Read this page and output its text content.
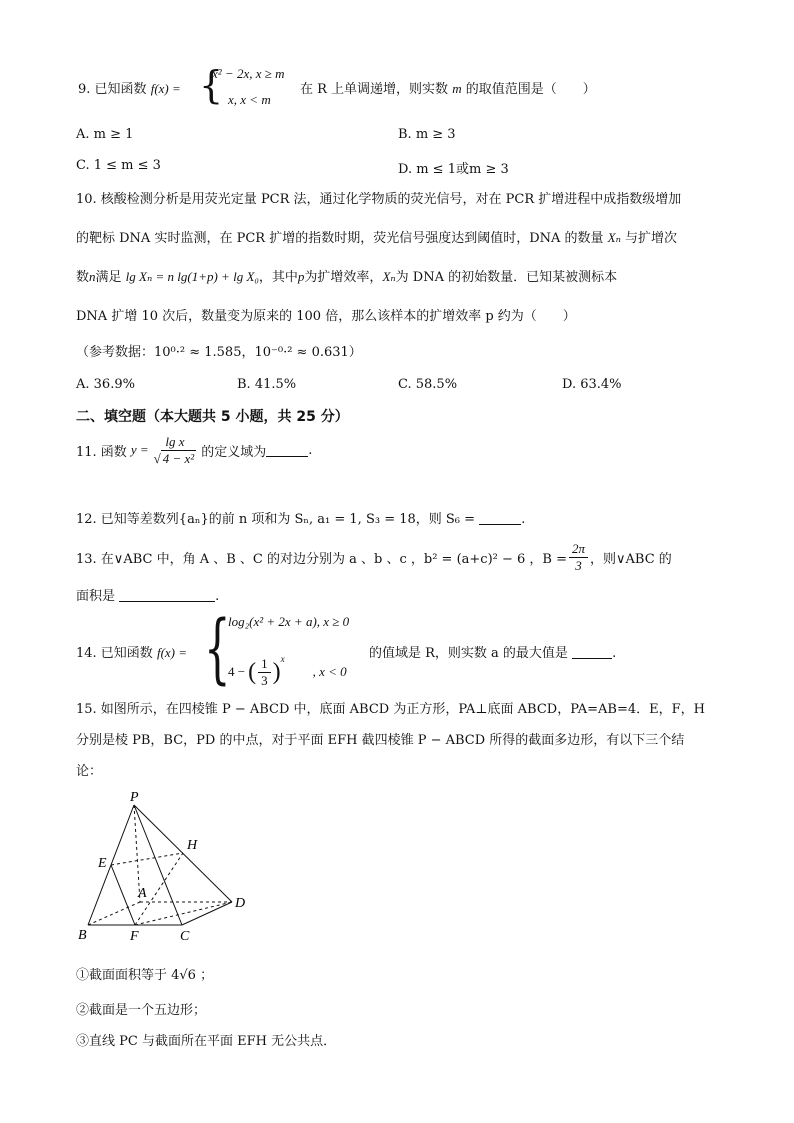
9. 已知函数 f(x) = {
x² − 2x, x ≥ m
x, x < m
在 R 上单调递增，则实数 m 的取值范围是（　　）
A. m ≥ 1	B. m ≥ 3
C. 1 ≤ m ≤ 3	D. m ≤ 1或m ≥ 3
10. 核酸检测分析是用荧光定量 PCR 法，通过化学物质的荧光信号，对在 PCR 扩增进程中成指数级增加
的靶标 DNA 实时监测，在 PCR 扩增的指数时期，荧光信号强度达到阈值时，DNA 的数量 Xₙ 与扩增次
数n满足 lg Xₙ = n lg(1+p) + lg X₀，其中p为扩增效率，Xₙ为 DNA 的初始数量．已知某被测标本
DNA 扩增 10 次后，数量变为原来的 100 倍，那么该样本的扩增效率 p 约为（　　）
（参考数据：10⁰·² ≈ 1.585，10⁻⁰·² ≈ 0.631）
A. 36.9%	B. 41.5%	C. 58.5%	D. 63.4%
二、填空题（本大题共 5 小题，共 25 分）
11. 函数 $y = \frac{\text{lg x}}{\text{√ 4 − x²}}$ 的定义域为	.
12. 已知等差数列{aₙ}的前 n 项和为 Sₙ, a₁ = 1, S₃ = 18，则 S₆ =	.
13. 在∨ABC 中，角 A 、B 、C 的对边分别为 a 、b 、c ，b² = (a+c)² − 6 ，$B = \frac{2\pi}{3}$ ，则∨ABC 的
面积是	.
14. 已知函数 f(x) = {
log₂(x² + 2x + a), x ≥ 0
4 − ( $\frac{1}{3}$ ) x
, x < 0
的值域是 R，则实数 a 的最大值是	.
15. 如图所示，在四棱锥 P − ABCD 中，底面 ABCD 为正方形，PA⊥底面 ABCD，PA=AB=4．E，F，H
分别是棱 PB，BC，PD 的中点，对于平面 EFH 截四棱锥 P − ABCD 所得的截面多边形，有以下三个结
论：
P
H
E
A
D
B	F	C
①截面面积等于 4√6 ；
②截面是一个五边形；
③直线 PC 与截面所在平面 EFH 无公共点．
